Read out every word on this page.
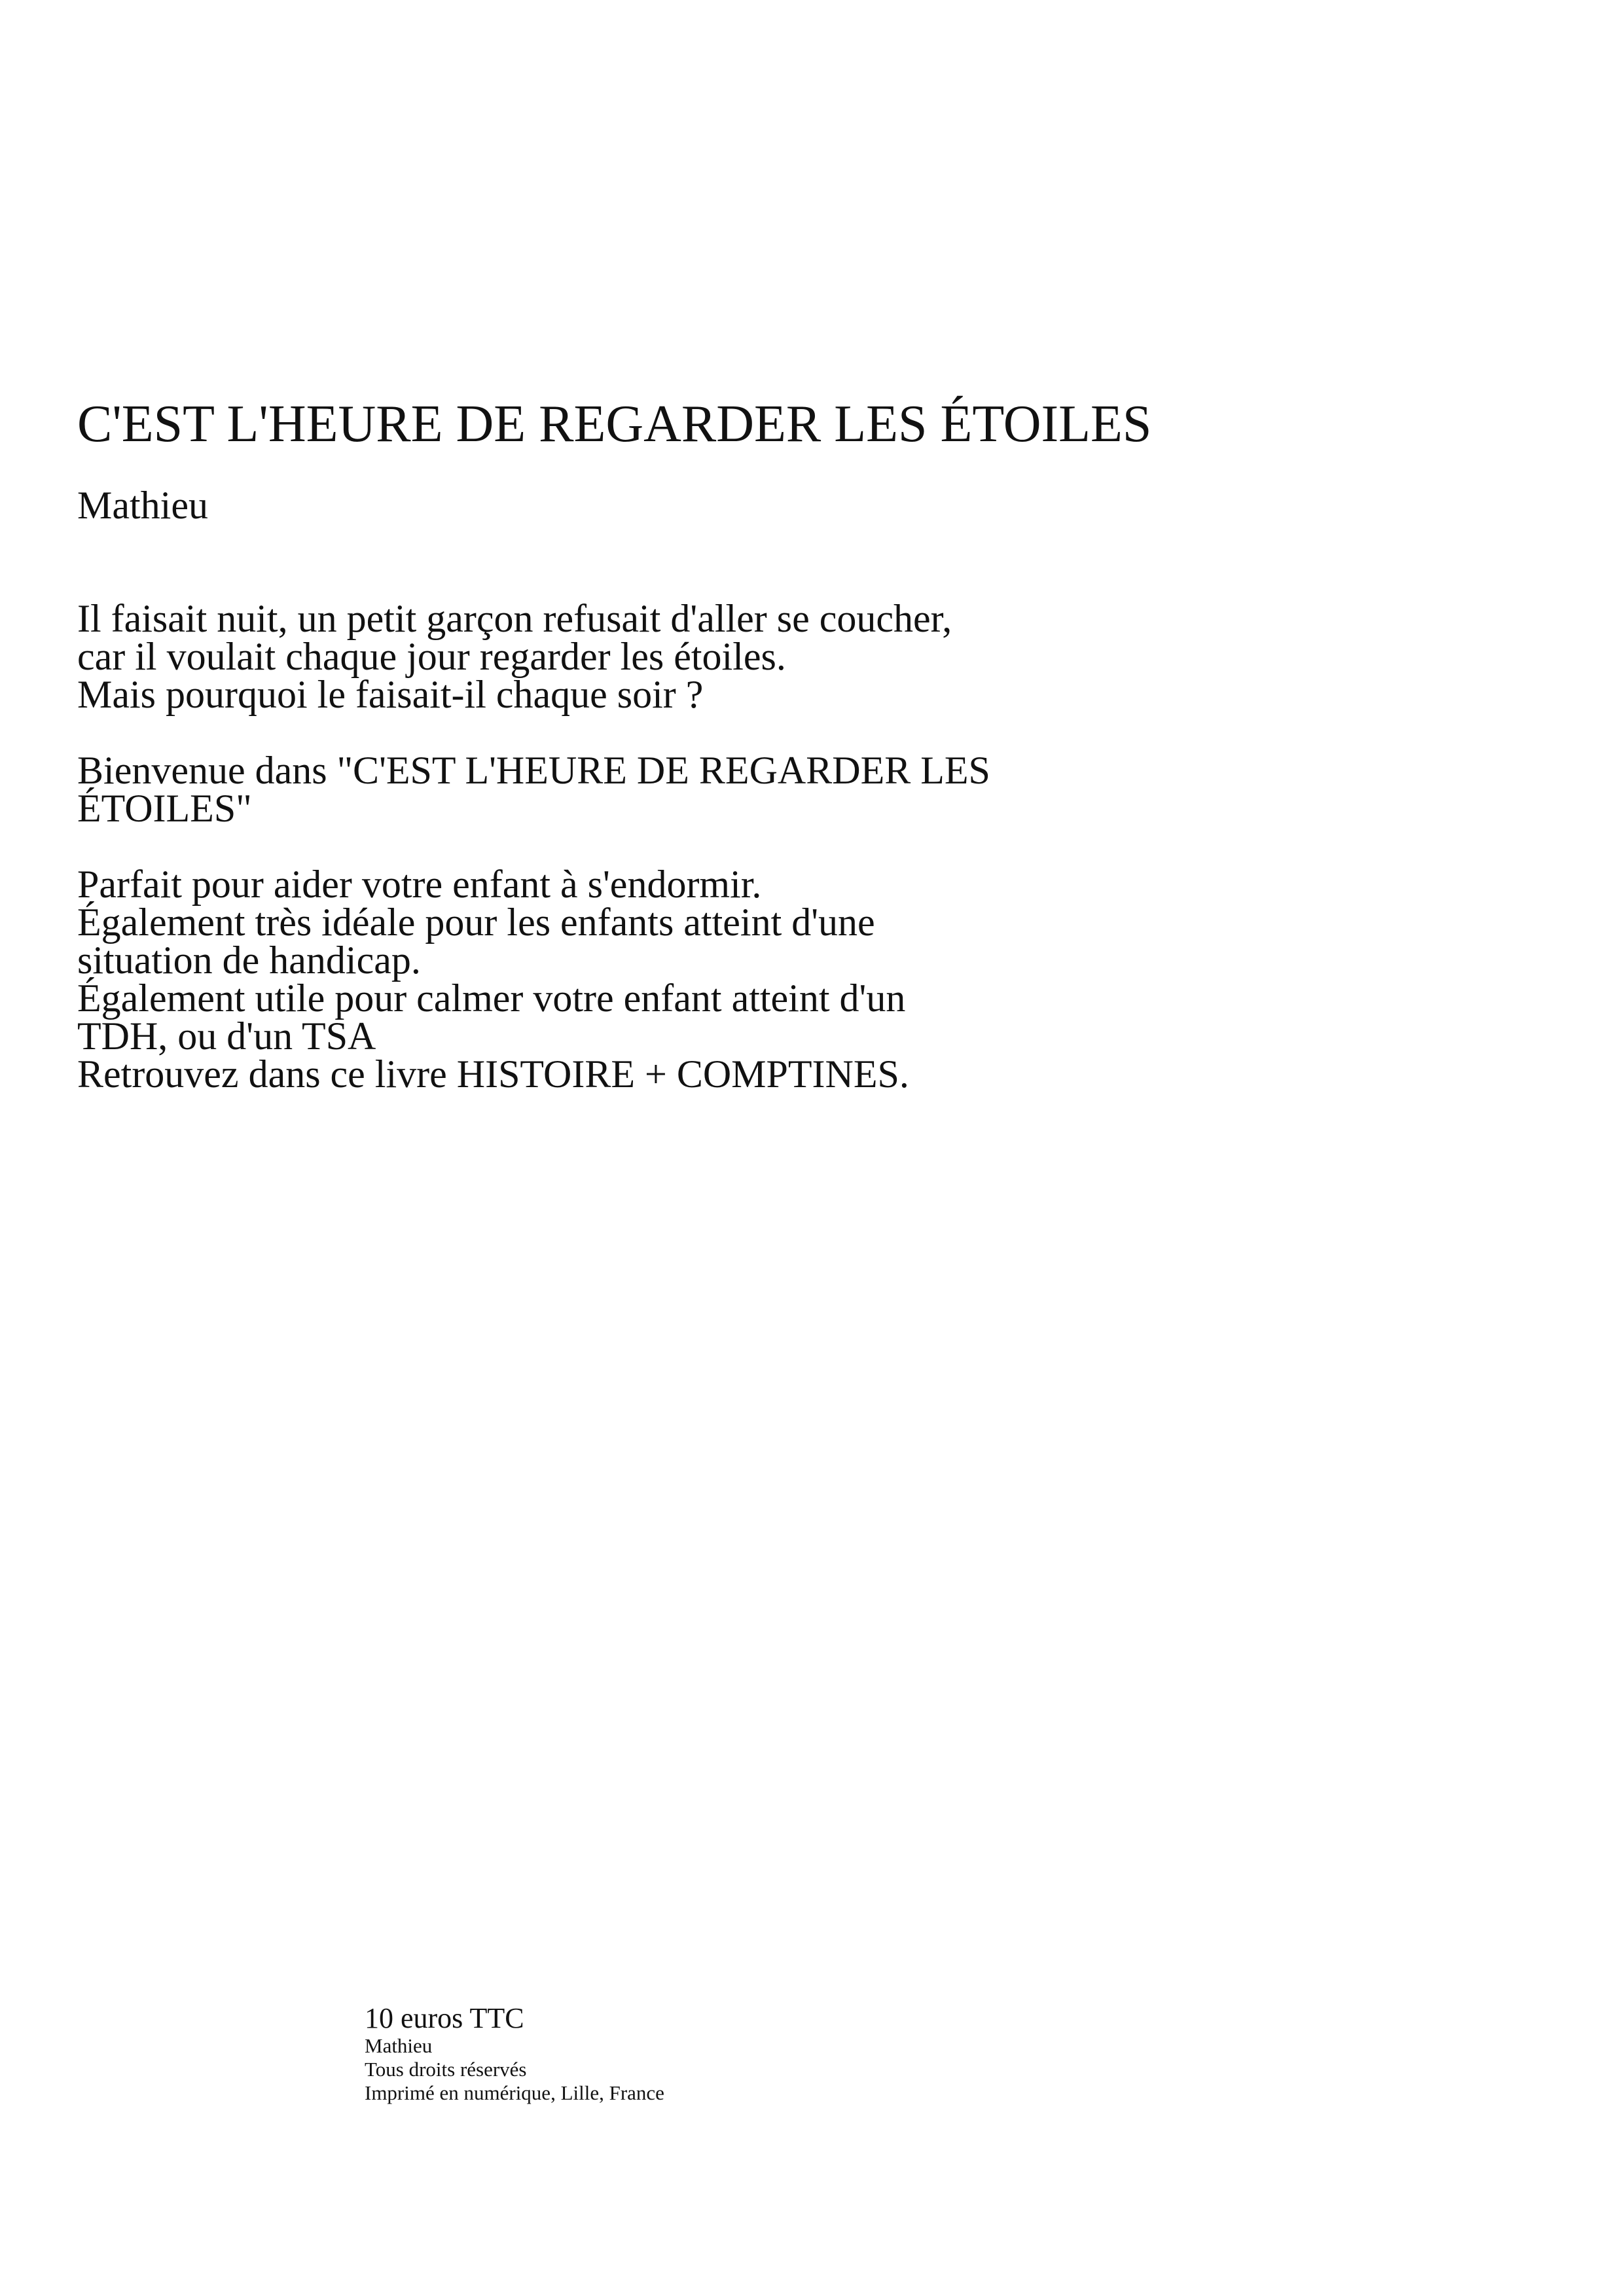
C'EST L'HEURE DE REGARDER LES ÉTOILES
Mathieu

Il faisait nuit, un petit garçon refusait d'aller se coucher,
car il voulait chaque jour regarder les étoiles.
Mais pourquoi le faisait-il chaque soir ?

Bienvenue dans "C'EST L'HEURE DE REGARDER LES
ÉTOILES"

Parfait pour aider votre enfant à s'endormir.
Également très idéale pour les enfants atteint d'une
situation de handicap.
Également utile pour calmer votre enfant atteint d'un
TDH, ou d'un TSA
Retrouvez dans ce livre HISTOIRE + COMPTINES.

10 euros TTC
Mathieu
Tous droits réservés
Imprimé en numérique, Lille, France
